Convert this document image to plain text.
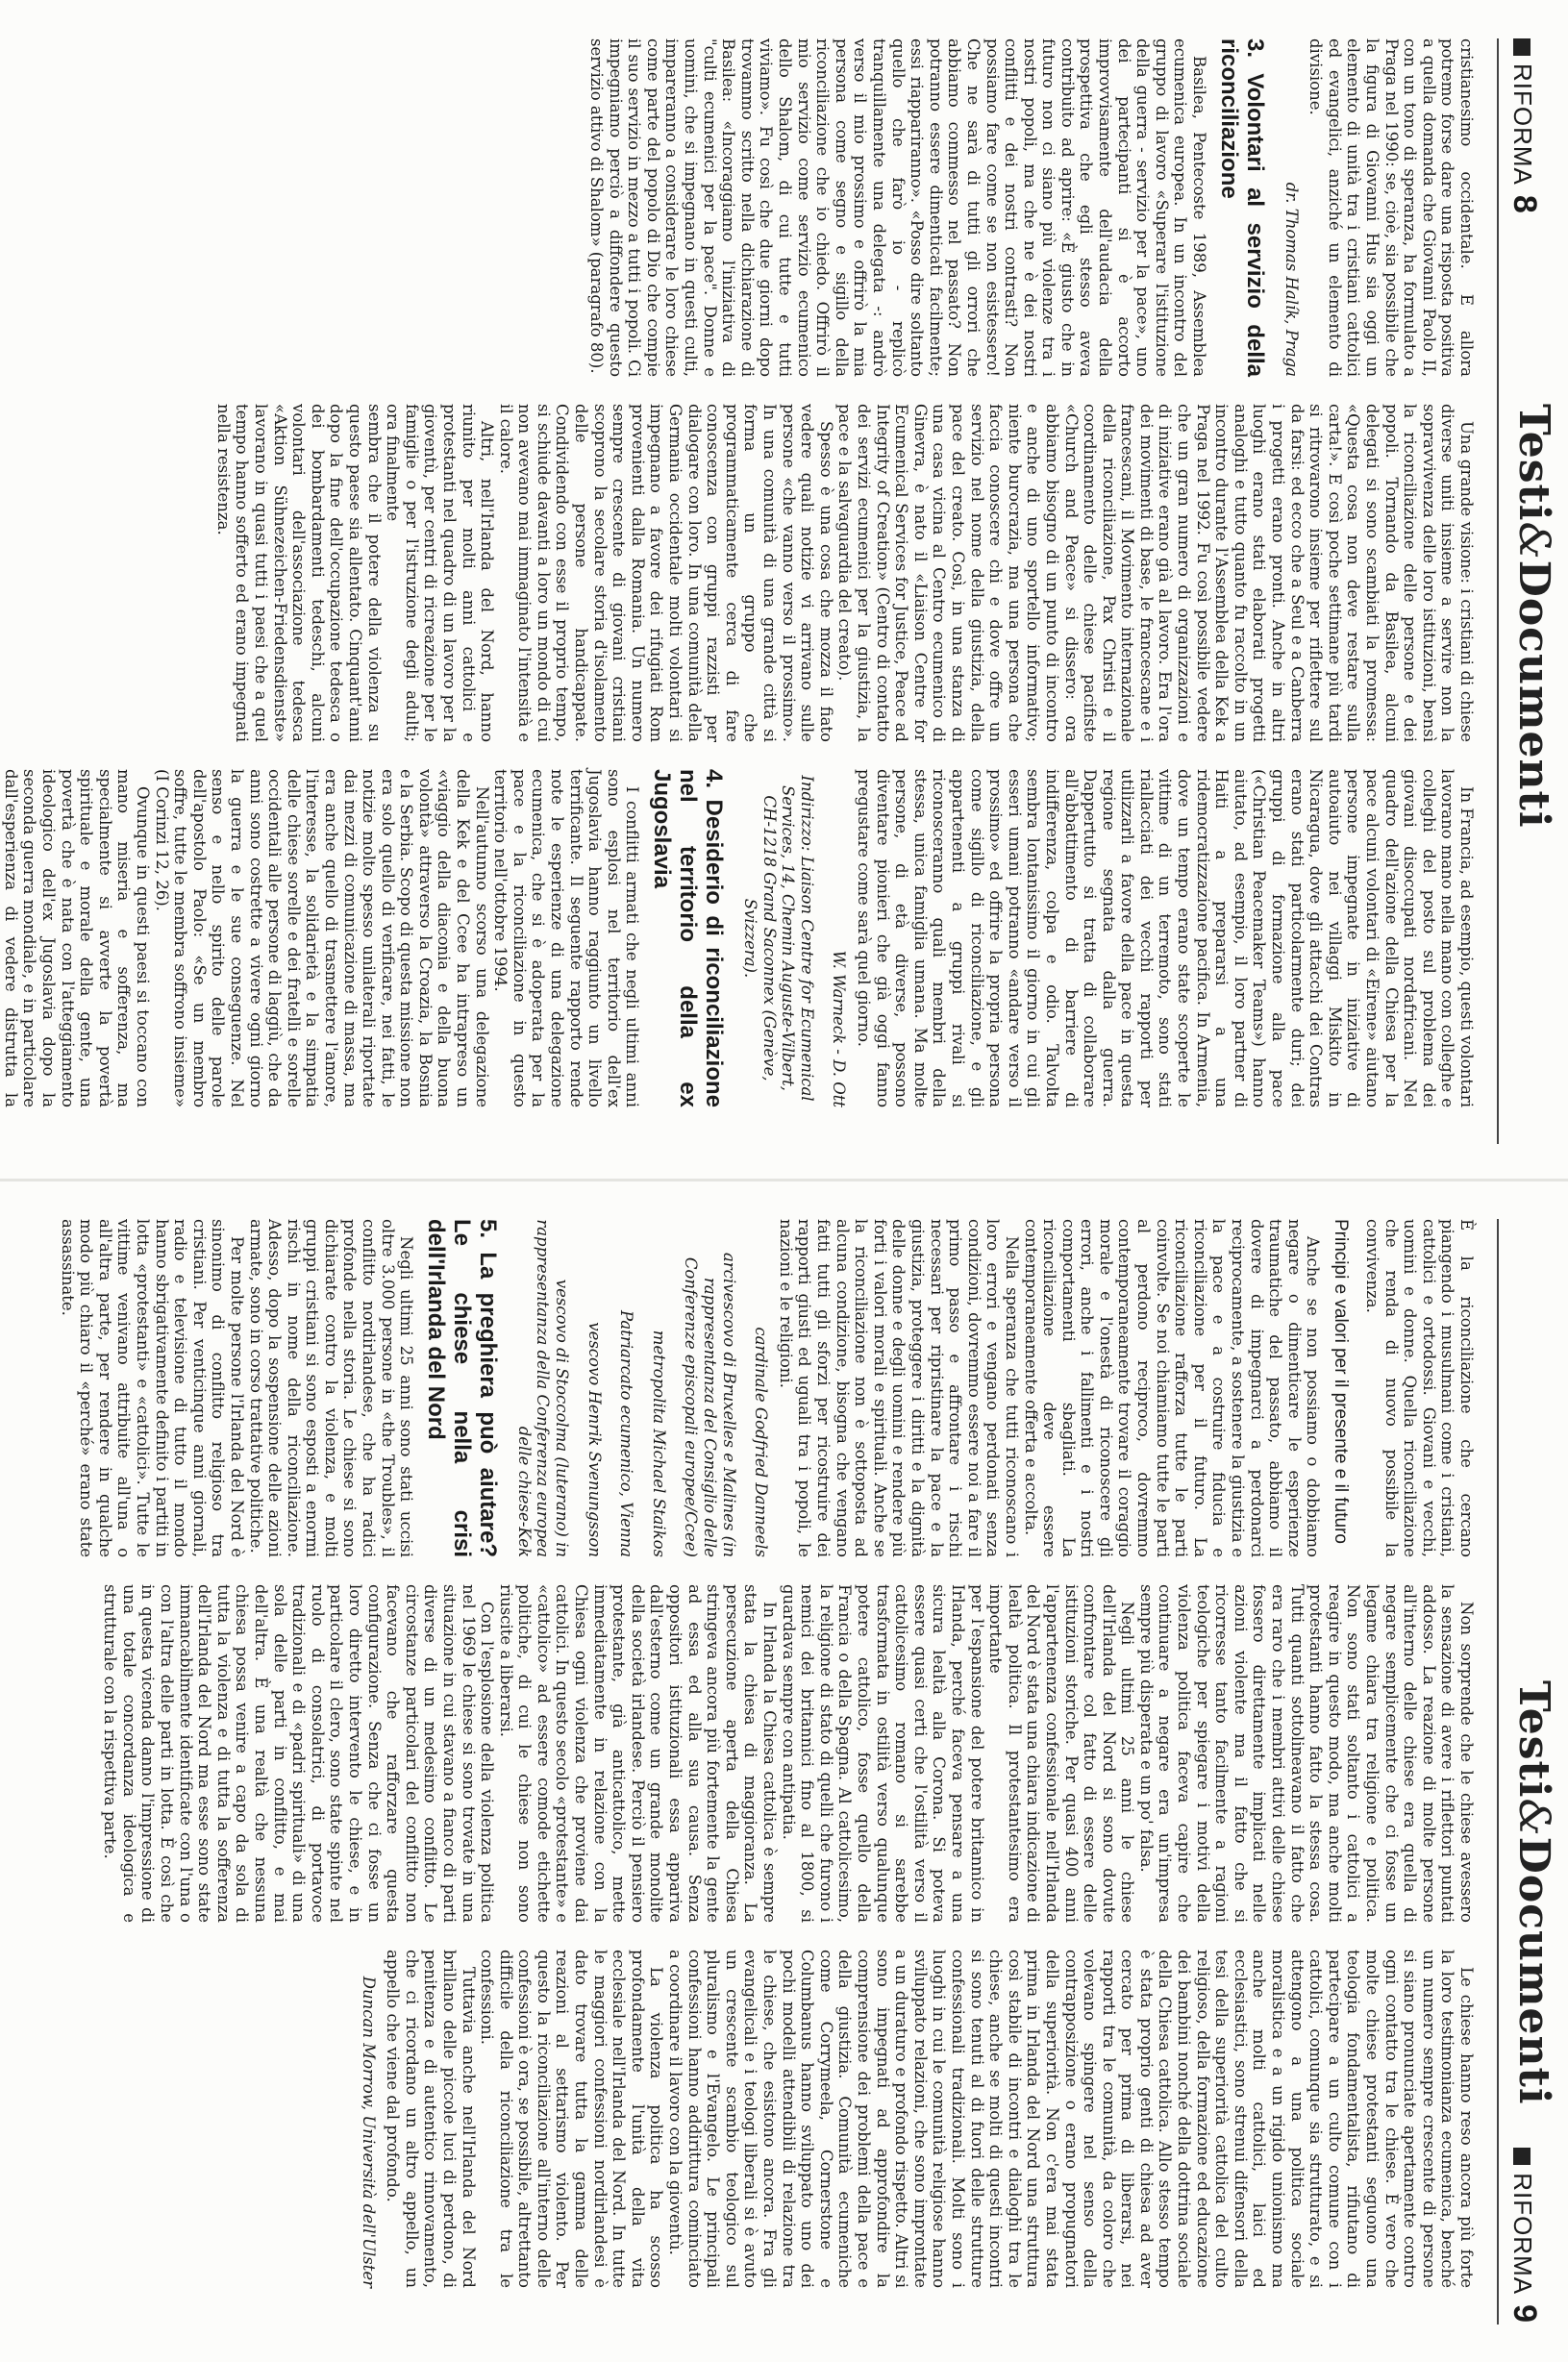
RIFORMA8
Testi&Documenti

cristianesimo occidentale. E allora potremo forse dare una risposta positiva a quella domanda che Giovanni Paolo II, con un tono di speranza, ha formulato a Praga nel 1990: se, cioè, sia possibile che la figura di Giovanni Hus sia oggi un elemento di unità tra i cristiani cattolici ed evangelici, anziché un elemento di divisione.

dr. Thomas Halík, Praga

3. Volontari al servizio della riconciliazione

Basilea, Pentecoste 1989, Assemblea ecumenica europea. In un incontro del gruppo di lavoro «Superare l'istituzione della guerra - servizio per la pace», uno dei partecipanti si è accorto improvvisamente dell'audacia della prospettiva che egli stesso aveva contribuito ad aprire: «È giusto che in futuro non ci siano più violenze tra i nostri popoli, ma che ne è dei nostri conflitti e dei nostri contrasti? Non possiamo fare come se non esistessero! Che ne sarà di tutti gli orrori che abbiamo commesso nel passato? Non potranno essere dimenticati facilmente; essi riappariranno». «Posso dire soltanto quello che farò io - replicò tranquillamente una delegata -: andrò verso il mio prossimo e offrirò la mia persona come segno e sigillo della riconciliazione che io chiedo. Offrirò il mio servizio come servizio ecumenico dello Shalom, di cui tutte e tutti viviamo». Fu così che due giorni dopo trovammo scritto nella dichiarazione di Basilea: «Incoraggiamo l'iniziativa di "culti ecumenici per la pace". Donne e uomini, che si impegnano in questi culti, impareranno a considerare le loro chiese come parte del popolo di Dio che compie il suo servizio in mezzo a tutti i popoli. Ci impegniamo perciò a diffondere questo servizio attivo di Shalom» (paragrafo 80).

Una grande visione: i cristiani di chiese diverse uniti insieme a servire non la sopravvivenza delle loro istituzioni, bensì la riconciliazione delle persone e dei popoli. Tornando da Basilea, alcuni delegati si sono scambiati la promessa: «Questa cosa non deve restare sulla carta!». E così poche settimane più tardi si ritrovarono insieme per riflettere sul da farsi: ed ecco che a Seul e a Canberra i progetti erano pronti. Anche in altri luoghi erano stati elaborati progetti analoghi e tutto quanto fu raccolto in un incontro durante l'Assemblea della Kek a Praga nel 1992. Fu così possibile vedere che un gran numero di organizzazioni e di iniziative erano già al lavoro. Era l'ora dei movimenti di base, le francescane e i francescani, il Movimento internazionale della riconciliazione, Pax Christi e il coordinamento delle chiese pacifiste «Church and Peace» si dissero: ora abbiamo bisogno di un punto di incontro e anche di uno sportello informativo; niente burocrazia, ma una persona che faccia conoscere chi e dove offre un servizio nel nome della giustizia, della pace del creato. Così, in una stanza di una casa vicina al Centro ecumenico di Ginevra, è nato il «Liaison Centre for Ecumenical Services for Justice, Peace ad Integrity of Creation» (Centro di contatto dei servizi ecumenici per la giustizia, la pace e la salvaguardia del creato).

Spesso è una cosa che mozza il fiato vedere quali notizie vi arrivano sulle persone «che vanno verso il prossimo». In una comunità di una grande città si forma un gruppo che programmaticamente cerca di fare conoscenza con gruppi razzisti per dialogare con loro. In una comunità della Germania occidentale molti volontari si impegnano a favore dei rifugiati Rom provenienti dalla Romania. Un numero sempre crescente di giovani cristiani scoprono la secolare storia d'isolamento delle persone handicappate. Condividendo con esse il proprio tempo, si schiude davanti a loro un mondo di cui non avevano mai immaginato l'intensità e il calore.

Altri, nell'Irlanda del Nord, hanno riunito per molti anni cattolici e protestanti nel quadro di un lavoro per la gioventù, per centri di ricreazione per le famiglie o per l'istruzione degli adulti; ora finalmente

sembra che il potere della violenza su questo paese sia allentato. Cinquant'anni dopo la fine dell'occupazione tedesca o dei bombardamenti tedeschi, alcuni volontari dell'associazione tedesca «Aktion Sühnezeichen-Friedensdienste» lavorano in quasi tutti i paesi che a quel tempo hanno sofferto ed erano impegnati nella resistenza.

In Francia, ad esempio, questi volontari lavorano mano nella mano con colleghe e colleghi del posto sul problema dei giovani disoccupati nordafricani. Nel quadro dell'azione della Chiesa per la pace alcuni volontari di «Eirene» aiutano persone impegnate in iniziative di autoaiuto nei villaggi Miskito in Nicaragua, dove gli attacchi dei Contras erano stati particolarmente duri; dei gruppi di formazione alla pace («Christian Peacemaker Teams») hanno aiutato, ad esempio, il loro partner di Haiti a prepararsi a una ridemocratizzazione pacifica. In Armenia, dove un tempo erano state scoperte le vittime di un terremoto, sono stati riallacciati dei vecchi rapporti per utilizzarli a favore della pace in questa regione segnata dalla guerra. Dappertutto si tratta di collaborare all'abbattimento di barriere di indifferenza, colpa e odio. Talvolta sembra lontanissimo il giorno in cui gli esseri umani potranno «andare verso il prossimo» ed offrire la propria persona come sigillo di riconciliazione, e gli appartenenti a gruppi rivali si riconosceranno quali membri della stessa, unica famiglia umana. Ma molte persone, di età diverse, possono diventare pionieri che già oggi fanno pregustare come sarà quel giorno.

W. Warneck - D. Ott

Indirizzo: Liaison Centre for Ecumenical Services, 14, Chemin Auguste-Vilbert, CH-1218 Grand Saconnex (Genève, Svizzera).

4. Desiderio di riconciliazione nel territorio della ex Jugoslavia

I conflitti armati che negli ultimi anni sono esplosi nel territorio dell'ex Jugoslavia hanno raggiunto un livello terrificante. Il seguente rapporto rende note le esperienze di una delegazione ecumenica, che si è adoperata per la pace e la riconciliazione in questo territorio nell'ottobre 1994.

Nell'autunno scorso una delegazione della Kek e del Ccee ha intrapreso un «viaggio della diaconia e della buona volontà» attraverso la Croazia, la Bosnia e la Serbia. Scopo di questa missione non era solo quello di verificare, nei fatti, le notizie molto spesso unilaterali riportate dai mezzi di comunicazione di massa, ma era anche quello di trasmettere l'amore, l'interesse, la solidarietà e la simpatia delle chiese sorelle e dei fratelli e sorelle occidentali alle persone di laggiù, che da anni sono costrette a vivere ogni giorno la guerra e le sue conseguenze. Nel senso e nello spirito delle parole dell'apostolo Paolo: «Se un membro soffre, tutte le membra soffrono insieme» (I Corinzi 12, 26).

Ovunque in questi paesi si toccano con mano miseria e sofferenza, ma specialmente si avverte la povertà spirituale e morale della gente, una povertà che è nata con l'atteggiamento ideologico dell'ex Jugoslavia dopo la seconda guerra mondiale, e in particolare dall'esperienza di vedere distrutta la

Testi&Documenti
RIFORMA9

È la riconciliazione che cercano piangendo i musulmani come i cristiani, cattolici e ortodossi. Giovani e vecchi, uomini e donne. Quella riconciliazione che renda di nuovo possibile la convivenza.

Principi e valori per il presente e il futuro

Anche se non possiamo o dobbiamo negare o dimenticare le esperienze traumatiche del passato, abbiamo il dovere di impegnarci a perdonarci reciprocamente, a sostenere la giustizia e la pace e a costruire fiducia e riconciliazione per il futuro. La riconciliazione rafforza tutte le parti coinvolte. Se noi chiamiamo tutte le parti al perdono reciproco, dovremmo contemporaneamente trovare il coraggio morale e l'onestà di riconoscere gli errori, anche i fallimenti e i nostri comportamenti sbagliati. La riconciliazione deve essere contemporaneamente offerta e accolta.

Nella speranza che tutti riconoscano i loro errori e vengano perdonati senza condizioni, dovremmo essere noi a fare il primo passo e affrontare i rischi necessari per ripristinare la pace e la giustizia, proteggere i diritti e la dignità delle donne e degli uomini e rendere più forti i valori morali e spirituali. Anche se la riconciliazione non è sottoposta ad alcuna condizione, bisogna che vengano fatti tutti gli sforzi per ricostruire dei rapporti giusti ed uguali tra i popoli, le nazioni e le religioni.

cardinale Godfried Danneels

arcivescovo di Bruxelles e Malines (in rappresentanza del Consiglio delle Conferenze episcopali europee/Ccee)

metropolita Michael Staikos

Patriarcato ecumenico, Vienna

vescovo Henrik Svenungsson

vescovo di Stoccolma (luterano) in rappresentanza della Conferenza europea delle chiese-Kek

5. La preghiera può aiutare? Le chiese nella crisi dell'Irlanda del Nord

Negli ultimi 25 anni sono stati uccisi oltre 3.000 persone in «the Troubles», il conflitto nordirlandese, che ha radici profonde nella storia. Le chiese si sono dichiarate contro la violenza, e molti gruppi cristiani si sono esposti a enormi rischi in nome della riconciliazione. Adesso, dopo la sospensione delle azioni armate, sono in corso trattative politiche.

Per molte persone l'Irlanda del Nord è sinonimo di conflitto religioso tra cristiani. Per venticinque anni giornali, radio e televisione di tutto il mondo hanno sbrigativamente definito i partiti in lotta «protestanti» e «cattolici». Tutte le vittime venivano attribuite all'una o all'altra parte, per rendere in qualche modo più chiaro il «perché» erano state assassinate.

Non sorprende che le chiese avessero la sensazione di avere i riflettori puntati addosso. La reazione di molte persone all'interno delle chiese era quella di negare semplicemente che ci fosse un legame chiara tra religione e politica. Non sono stati soltanto i cattolici a reagire in questo modo, ma anche molti protestanti hanno fatto la stessa cosa. Tutti quanti sottolineavano il fatto che era raro che i membri attivi delle chiese fossero direttamente implicati nelle azioni violente ma il fatto che si ricorresse tanto facilmente a ragioni teologiche per spiegare i motivi della violenza politica faceva capire che continuare a negare era un'impresa sempre più disperata e un po' falsa.

Negli ultimi 25 anni le chiese dell'Irlanda del Nord si sono dovute confrontare col fatto di essere delle istituzioni storiche. Per quasi 400 anni l'appartenenza confessionale nell'Irlanda del Nord è stata una chiara indicazione di lealtà politica. Il protestantesimo era importante

per l'espansione del potere britannico in Irlanda, perché faceva pensare a una sicura lealtà alla Corona. Si poteva essere quasi certi che l'ostilità verso il cattolicesimo romano si sarebbe trasformata in ostilità verso qualunque potere cattolico, fosse quello della Francia o della Spagna. Al cattolicesimo, la religione di stato di quelli che furono i nemici dei britannici fino al 1800, si guardava sempre con antipatia.

In Irlanda la Chiesa cattolica è sempre stata la chiesa di maggioranza. La persecuzione aperta della Chiesa stringeva ancora più fortemente la gente ad essa ed alla sua causa. Senza oppositori istituzionali essa appariva dall'esterno come un grande monolite della società irlandese. Perciò il pensiero protestante, già anticattolico, mette immediatamente in relazione con la Chiesa ogni violenza che proviene dai cattolici. In questo secolo «protestante» e «cattolico» ad essere comode etichette politiche, di cui le chiese non sono riuscite a liberarsi.

Con l'esplosione della violenza politica nel 1969 le chiese si sono trovate in una situazione in cui stavano a fianco di parti diverse di un medesimo conflitto. Le circostanze particolari del conflitto non facevano che rafforzare questa configurazione. Senza che ci fosse un loro diretto intervento le chiese, e in particolare il clero, sono state spinte nel ruolo di consolatrici, di portavoce tradizionali e di «padri spirituali» di una sola delle parti in conflitto, e mai dell'altra. È una realtà che nessuna chiesa possa venire a capo da sola di tutta la violenza e di tutta la sofferenza dell'Irlanda del Nord ma esse sono state immancabilmente identificate con l'una o con l'altra delle parti in lotta. È così che in questa vicenda danno l'impressione di una totale concordanza ideologica e strutturale con la rispettiva parte.

Le chiese hanno reso ancora più forte la loro testimonianza ecumenica, benché un numero sempre crescente di persone si siano pronunciate apertamente contro ogni contatto tra le chiese. È vero che molte chiese protestanti seguono una teologia fondamentalista, rifiutano di partecipare a un culto comune con i cattolici, comunque sia strutturato, e si attengono a una politica sociale moralistica e a un rigido unionismo ma anche molti cattolici, laici ed ecclesiastici, sono strenui difensori della tesi della superiorità cattolica del culto religioso, della formazione ed educazione dei bambini nonché della dottrina sociale della Chiesa cattolica. Allo stesso tempo è stata proprio genti di chiesa ad aver cercato per prima di liberarsi, nei rapporti tra le comunità, da coloro che volevano spingere nel senso della contrapposizione o erano propugnatori della superiorità. Non c'era mai stata prima in Irlanda del Nord una struttura così stabile di incontri e dialoghi tra le chiese, anche se molti di questi incontri si sono tenuti al di fuori delle strutture confessionali tradizionali. Molti sono i luoghi in cui le comunità religiose hanno sviluppato relazioni, che sono improntate a un duraturo e profondo rispetto. Altri si sono impegnati ad approfondire la comprensione dei problemi della pace e della giustizia. Comunità ecumeniche come Corrymeela, Cornerstone e Columbanus hanno sviluppato uno dei pochi modelli attendibili di relazione tra le chiese, che esistono ancora. Fra gli evangelicali e i teologi liberali si è avuto un crescente scambio teologico sul pluralismo e l'Evangelo. Le principali confessioni hanno addirittura cominciato a coordinare il lavoro con la gioventù.

La violenza politica ha scosso profondamente l'unità della vita ecclesiale nell'Irlanda del Nord. In tutte le maggiori confessioni nordirlandesi è dato trovare tutta la gamma delle reazioni al settarismo violento. Per questo la riconciliazione all'interno delle confessioni è ora, se possibile, altrettanto difficile della riconciliazione tra le confessioni.

Tuttavia anche nell'Irlanda del Nord brillano delle piccole luci di perdono, di penitenza e di autentico rinnovamento, che ci ricordano un altro appello, un appello che viene dal profondo.

Duncan Morrow, Università dell'Ulster
